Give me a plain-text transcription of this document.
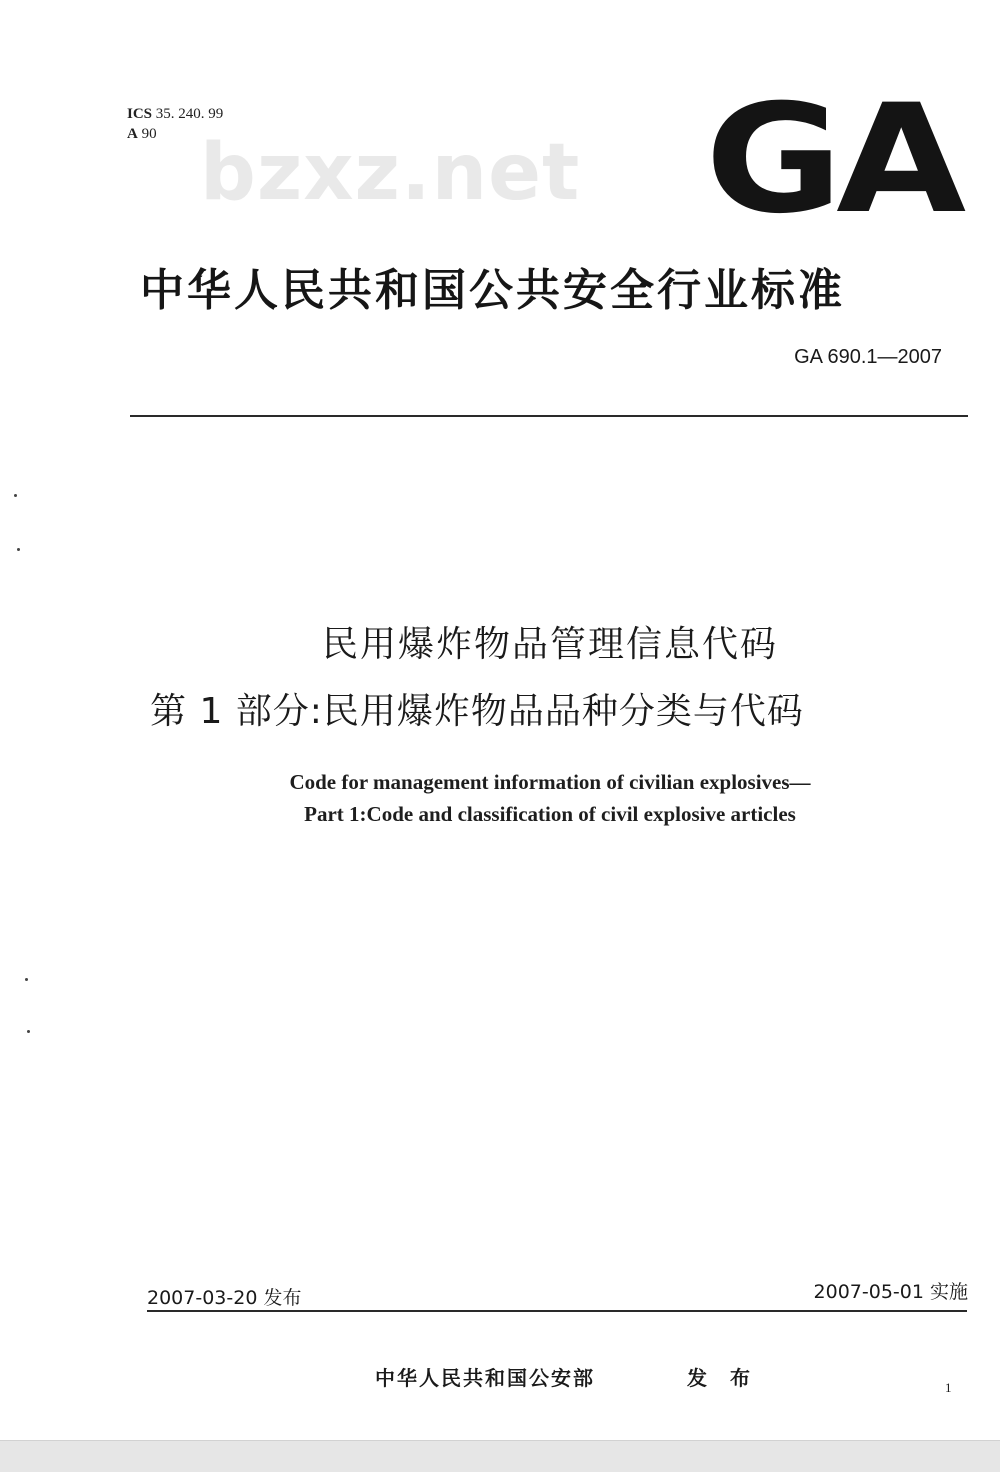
ICS 35. 240. 99
A 90 bzxz.net GA
中华人民共和国公共安全行业标准
GA 690.1—2007
民用爆炸物品管理信息代码
第 1 部分:民用爆炸物品品种分类与代码
Code for management information of civilian explosives—
Part 1:Code and classification of civil explosive articles
2007-03-20 发布	2007-05-01 实施
中华人民共和国公安部	发 布	1
